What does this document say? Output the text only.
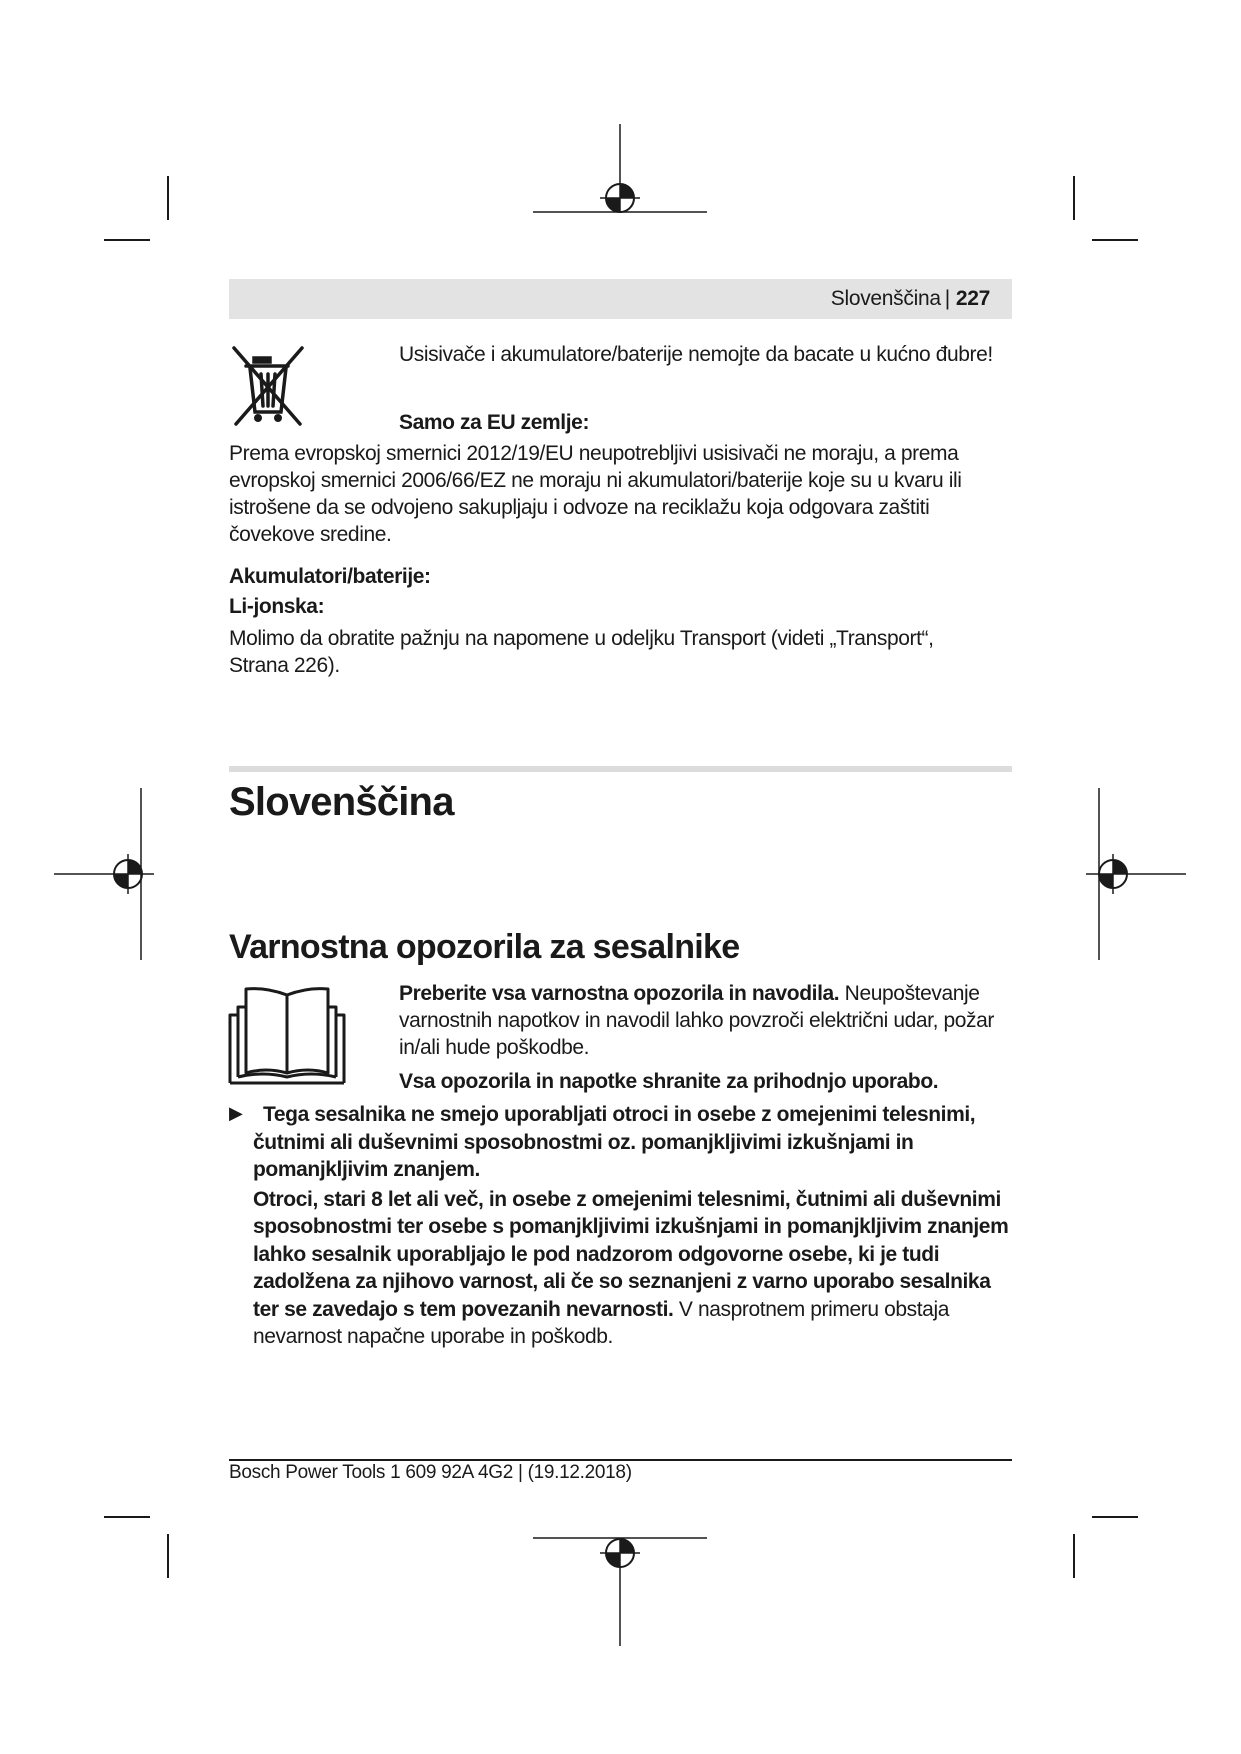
Slovenščina | 227
Usisivače i akumulatore/baterije nemojte da bacate u kućno đubre!
Samo za EU zemlje:
Prema evropskoj smernici 2012/19/EU neupotrebljivi usisivači ne moraju, a prema evropskoj smernici 2006/66/EZ ne moraju ni akumulatori/baterije koje su u kvaru ili istrošene da se odvojeno sakupljaju i odvoze na reciklažu koja odgovara zaštiti čovekove sredine.
Akumulatori/baterije:
Li-jonska:
Molimo da obratite pažnju na napomene u odeljku Transport (videti „Transport“, Strana 226).
Slovenščina
Varnostna opozorila za sesalnike
Preberite vsa varnostna opozorila in navodila. Neupoštevanje varnostnih napotkov in navodil lahko povzroči električni udar, požar in/ali hude poškodbe.
Vsa opozorila in napotke shranite za prihodnjo uporabo.
▶ Tega sesalnika ne smejo uporabljati otroci in osebe z omejenimi telesnimi, čutnimi ali duševnimi sposobnostmi oz. pomanjkljivimi izkušnjami in pomanjkljivim znanjem.
Otroci, stari 8 let ali več, in osebe z omejenimi telesnimi, čutnimi ali duševnimi sposobnostmi ter osebe s pomanjkljivimi izkušnjami in pomanjkljivim znanjem lahko sesalnik uporabljajo le pod nadzorom odgovorne osebe, ki je tudi zadolžena za njihovo varnost, ali če so seznanjeni z varno uporabo sesalnika ter se zavedajo s tem povezanih nevarnosti. V nasprotnem primeru obstaja nevarnost napačne uporabe in poškodb.
Bosch Power Tools 1 609 92A 4G2 | (19.12.2018)
